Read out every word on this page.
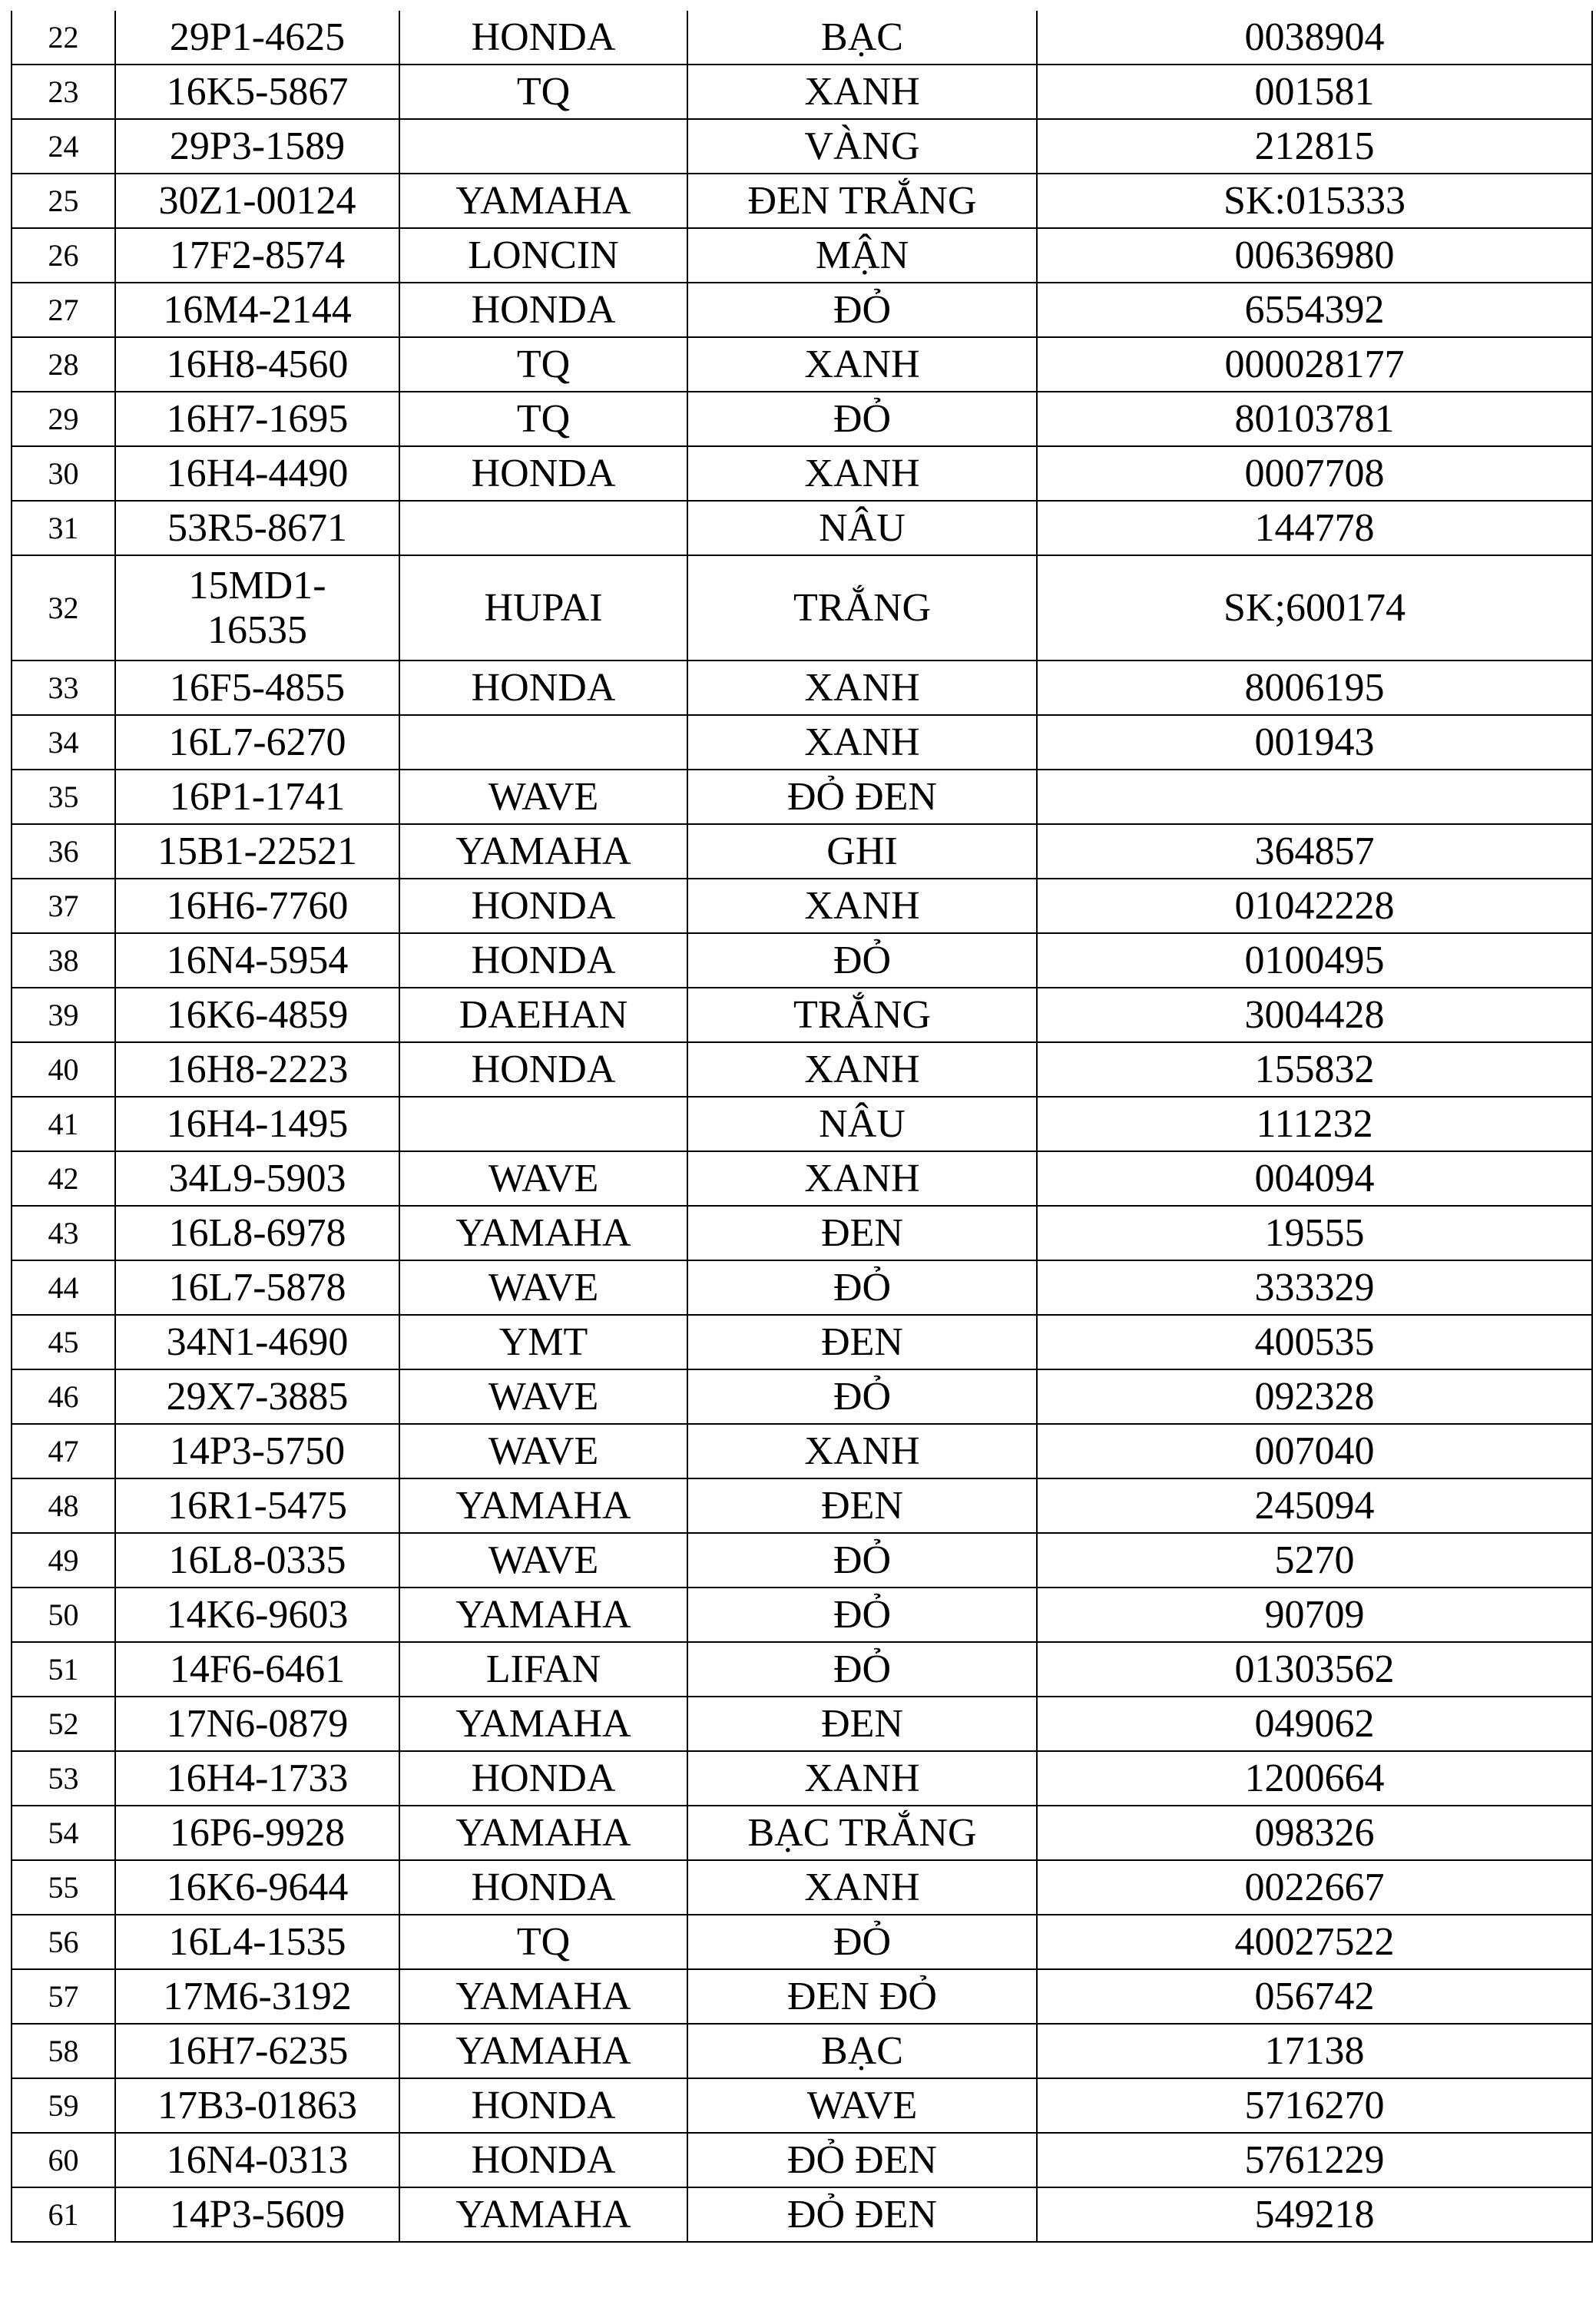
22	29P1-4625	HONDA	BẠC	0038904
23	16K5-5867	TQ	XANH	001581
24	29P3-1589		VÀNG	212815
25	30Z1-00124	YAMAHA	ĐEN TRẮNG	SK:015333
26	17F2-8574	LONCIN	MẬN	00636980
27	16M4-2144	HONDA	ĐỎ	6554392
28	16H8-4560	TQ	XANH	000028177
29	16H7-1695	TQ	ĐỎ	80103781
30	16H4-4490	HONDA	XANH	0007708
31	53R5-8671		NÂU	144778
32	15MD1-
16535	HUPAI	TRẮNG	SK;600174
33	16F5-4855	HONDA	XANH	8006195
34	16L7-6270		XANH	001943
35	16P1-1741	WAVE	ĐỎ ĐEN	
36	15B1-22521	YAMAHA	GHI	364857
37	16H6-7760	HONDA	XANH	01042228
38	16N4-5954	HONDA	ĐỎ	0100495
39	16K6-4859	DAEHAN	TRẮNG	3004428
40	16H8-2223	HONDA	XANH	155832
41	16H4-1495		NÂU	111232
42	34L9-5903	WAVE	XANH	004094
43	16L8-6978	YAMAHA	ĐEN	19555
44	16L7-5878	WAVE	ĐỎ	333329
45	34N1-4690	YMT	ĐEN	400535
46	29X7-3885	WAVE	ĐỎ	092328
47	14P3-5750	WAVE	XANH	007040
48	16R1-5475	YAMAHA	ĐEN	245094
49	16L8-0335	WAVE	ĐỎ	5270
50	14K6-9603	YAMAHA	ĐỎ	90709
51	14F6-6461	LIFAN	ĐỎ	01303562
52	17N6-0879	YAMAHA	ĐEN	049062
53	16H4-1733	HONDA	XANH	1200664
54	16P6-9928	YAMAHA	BẠC TRẮNG	098326
55	16K6-9644	HONDA	XANH	0022667
56	16L4-1535	TQ	ĐỎ	40027522
57	17M6-3192	YAMAHA	ĐEN ĐỎ	056742
58	16H7-6235	YAMAHA	BẠC	17138
59	17B3-01863	HONDA	WAVE	5716270
60	16N4-0313	HONDA	ĐỎ ĐEN	5761229
61	14P3-5609	YAMAHA	ĐỎ ĐEN	549218
